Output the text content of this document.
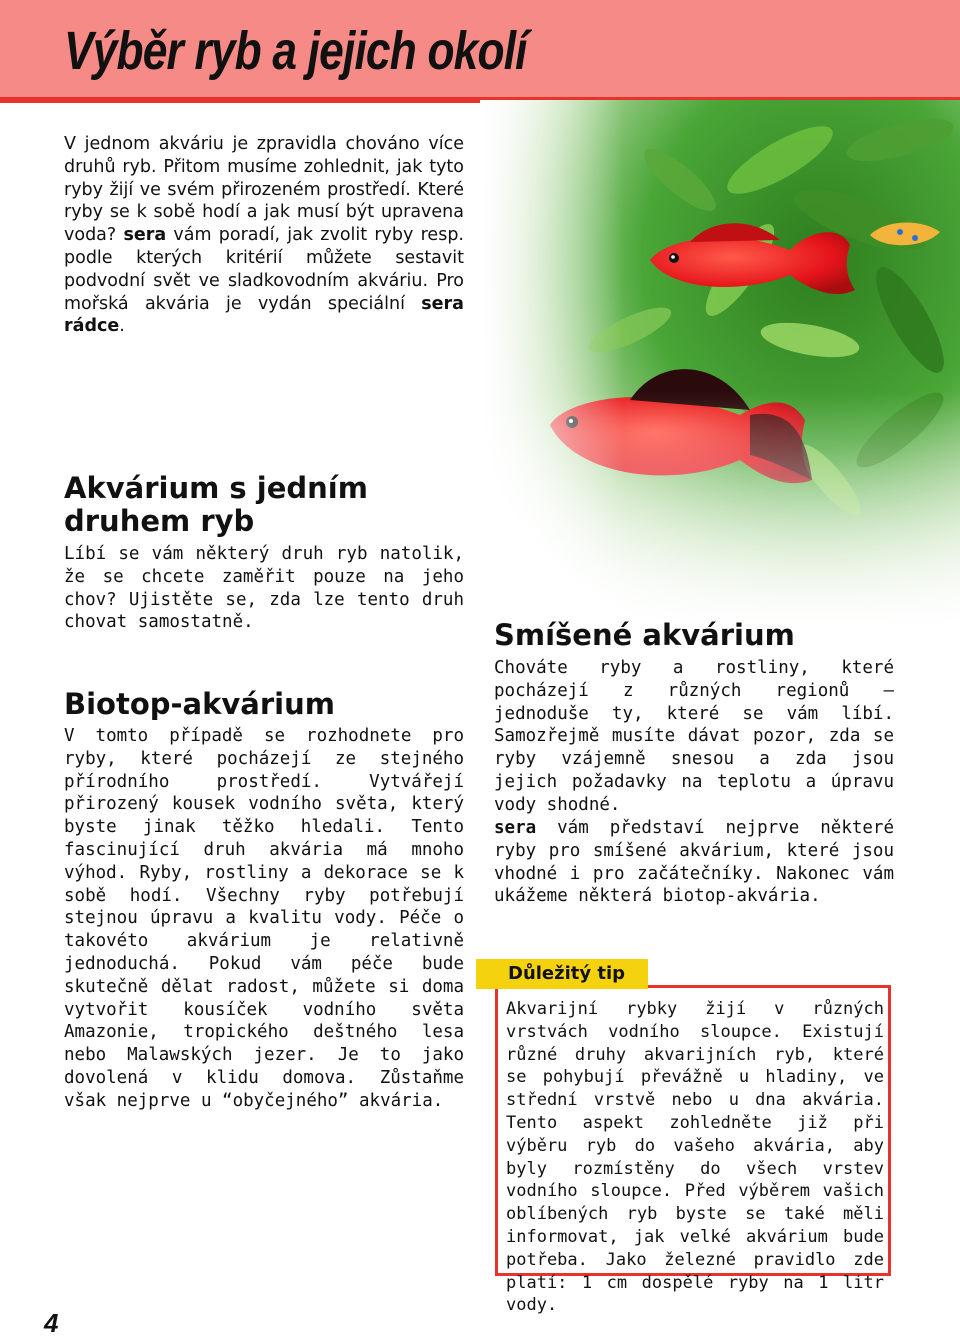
Výběr ryb a jejich okolí

V jednom akváriu je zpravidla chováno více druhů ryb. Přitom musíme zohlednit, jak tyto ryby žijí ve svém přirozeném prostředí. Které ryby se k sobě hodí a jak musí být upravena voda? sera vám poradí, jak zvolit ryby resp. podle kterých kritérií můžete sestavit podvodní svět ve sladkovodním akváriu. Pro mořská akvária je vydán speciální sera rádce.

Akvárium s jedním druhem ryb

Líbí se vám některý druh ryb natolik, že se chcete zaměřit pouze na jeho chov? Ujistěte se, zda lze tento druh chovat samostatně.

Biotop-akvárium

V tomto případě se rozhodnete pro ryby, které pocházejí ze stejného přírodního prostředí. Vytvářejí přirozený kousek vodního světa, který byste jinak těžko hledali. Tento fascinující druh akvária má mnoho výhod. Ryby, rostliny a dekorace se k sobě hodí. Všechny ryby potřebují stejnou úpravu a kvalitu vody. Péče o takovéto akvárium je relativně jednoduchá. Pokud vám péče bude skutečně dělat radost, můžete si doma vytvořit kousíček vodního světa Amazonie, tropického deštného lesa nebo Malawských jezer. Je to jako dovolená v klidu domova. Zůstaňme však nejprve u “obyčejného” akvária.

Smíšené akvárium

Chováte ryby a rostliny, které pocházejí z různých regionů – jednoduše ty, které se vám líbí. Samozřejmě musíte dávat pozor, zda se ryby vzájemně snesou a zda jsou jejich požadavky na teplotu a úpravu vody shodné.

sera vám představí nejprve některé ryby pro smíšené akvárium, které jsou vhodné i pro začátečníky. Nakonec vám ukážeme některá biotop-akvária.

Důležitý tip

Akvarijní rybky žijí v různých vrstvách vodního sloupce. Existují různé druhy akvarijních ryb, které se pohybují převážně u hladiny, ve střední vrstvě nebo u dna akvária. Tento aspekt zohledněte již při výběru ryb do vašeho akvária, aby byly rozmístěny do všech vrstev vodního sloupce. Před výběrem vašich oblíbených ryb byste se také měli informovat, jak velké akvárium bude potřeba. Jako železné pravidlo zde platí: 1 cm dospělé ryby na 1 litr vody.

4
